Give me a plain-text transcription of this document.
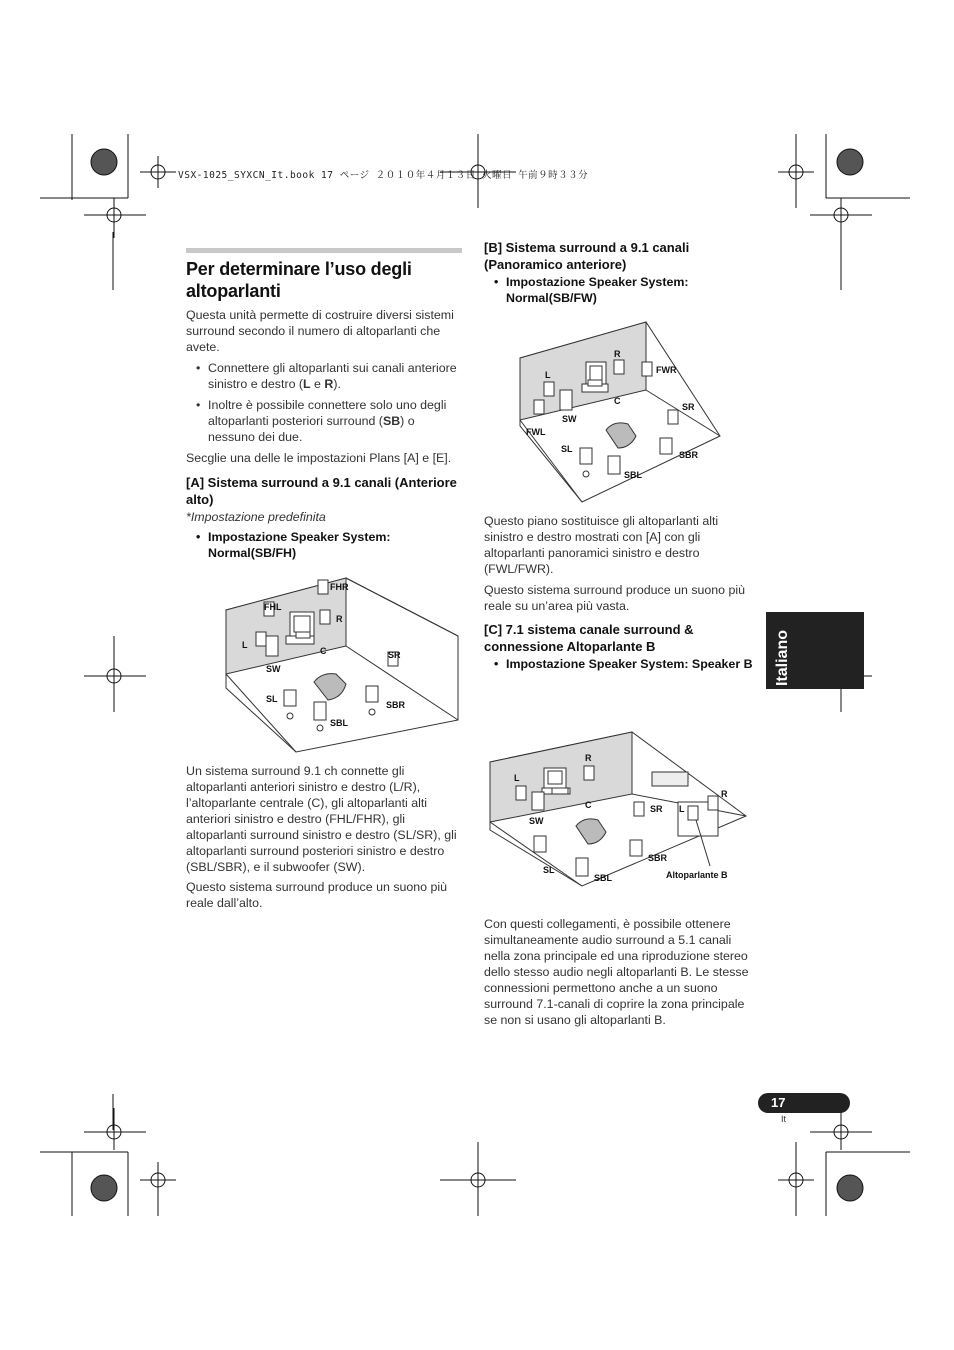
VSX-1025_SYXCN_It.book 17 ページ ２０１０年４月１３日 火曜日 午前９時３３分
Per determinare l’uso degli altoparlanti

Questa unità permette di costruire diversi sistemi surround secondo il numero di altoparlanti che avete.

• Connettere gli altoparlanti sui canali anteriore sinistro e destro (L e R).
• Inoltre è possibile connettere solo uno degli altoparlanti posteriori surround (SB) o nessuno dei due.

Secglie una delle le impostazioni Plans [A] e [E].

[A] Sistema surround a 9.1 canali (Anteriore alto)
*Impostazione predefinita
• Impostazione Speaker System: Normal(SB/FH)
FHL
FHR
L
R
C
SW
SR
SL
SBL
SBR

Un sistema surround 9.1 ch connette gli altoparlanti anteriori sinistro e destro (L/R), l’altoparlante centrale (C), gli altoparlanti alti anteriori sinistro e destro (FHL/FHR), gli altoparlanti surround sinistro e destro (SL/SR), gli altoparlanti surround posteriori sinistro e destro (SBL/SBR), e il subwoofer (SW).

Questo sistema surround produce un suono più reale dall’alto.

[B] Sistema surround a 9.1 canali (Panoramico anteriore)
• Impostazione Speaker System: Normal(SB/FW)
R
L	FWR
C
SW
SR
FWL
SL
SBL
SBR

Questo piano sostituisce gli altoparlanti alti sinistro e destro mostrati con [A] con gli altoparlanti panoramici sinistro e destro (FWL/FWR).

Questo sistema surround produce un suono più reale su un’area più vasta.

[C] 7.1 sistema canale surround & connessione Altoparlante B
• Impostazione Speaker System: Speaker B
R
L
C	SR L
R
SW
SBR
SL
SBL	Altoparlante B

Con questi collegamenti, è possibile ottenere simultaneamente audio surround a 5.1 canali nella zona principale ed una riproduzione stereo dello stesso audio negli altoparlanti B. Le stesse connessioni permettono anche a un suono surround 7.1-canali di coprire la zona principale se non si usano gli altoparlanti B.

Italiano
17
It
